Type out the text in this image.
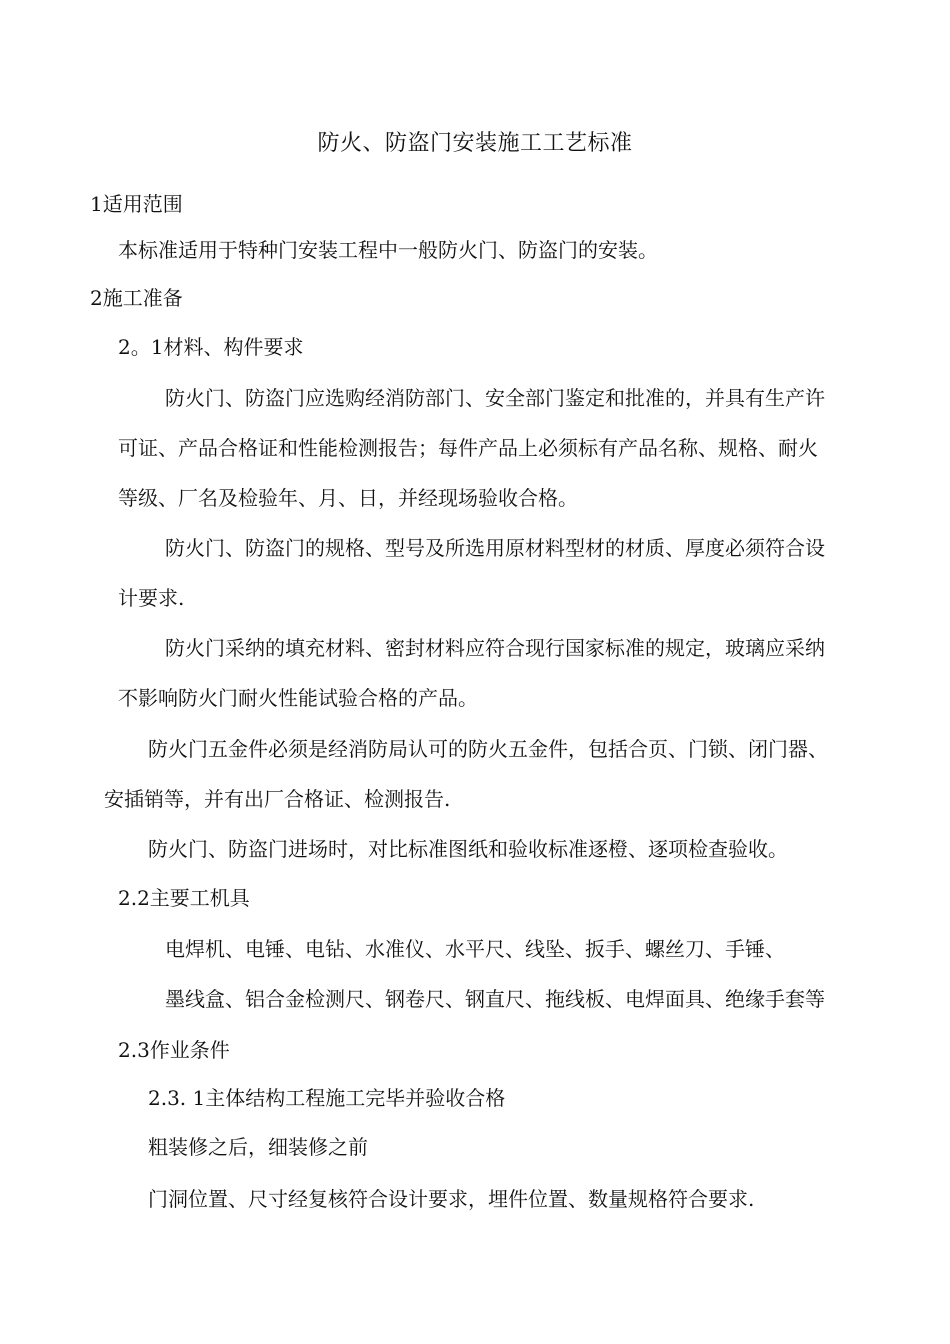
防火、防盗门安装施工工艺标准
1适用范围
本标准适用于特种门安装工程中一般防火门、防盗门的安装。
2施工准备
2。1材料、构件要求
防火门、防盗门应选购经消防部门、安全部门鉴定和批准的，并具有生产许
可证、产品合格证和性能检测报告；每件产品上必须标有产品名称、规格、耐火
等级、厂名及检验年、月、日，并经现场验收合格。
防火门、防盗门的规格、型号及所选用原材料型材的材质、厚度必须符合设
计要求.
防火门采纳的填充材料、密封材料应符合现行国家标准的规定，玻璃应采纳
不影响防火门耐火性能试验合格的产品。
防火门五金件必须是经消防局认可的防火五金件，包括合页、门锁、闭门器、
安插销等，并有出厂合格证、检测报告.
防火门、防盗门进场时，对比标准图纸和验收标准逐橙、逐项检查验收。
2.2主要工机具
电焊机、电锤、电钻、水准仪、水平尺、线坠、扳手、螺丝刀、手锤、
墨线盒、铝合金检测尺、钢卷尺、钢直尺、拖线板、电焊面具、绝缘手套等
2.3作业条件
2.3. 1主体结构工程施工完毕并验收合格
粗装修之后，细装修之前
门洞位置、尺寸经复核符合设计要求，埋件位置、数量规格符合要求.
